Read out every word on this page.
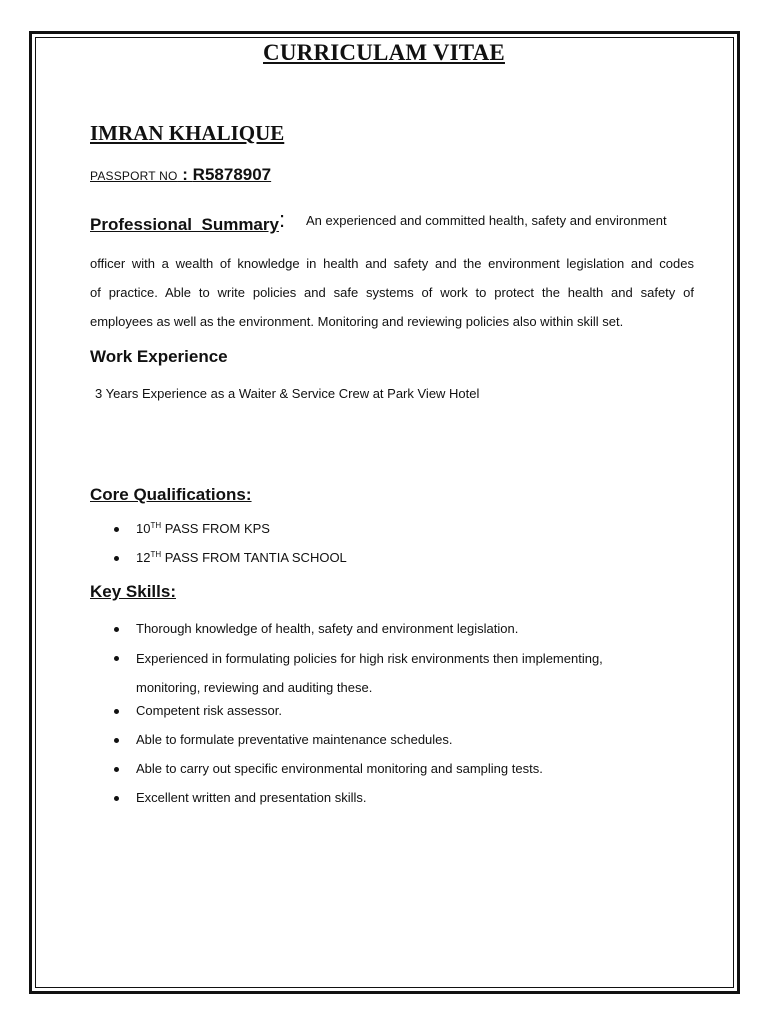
CURRICULAM VITAE
IMRAN KHALIQUE
PASSPORT NO : R5878907
Professional  Summary: An experienced and committed health, safety and environment
officer with a wealth of knowledge in health and safety and the environment legislation and codes
of practice. Able to write policies and safe systems of work to protect the health and safety of
employees as well as the environment. Monitoring and reviewing policies also within skill set.
Work Experience
3 Years Experience as a Waiter & Service Crew at Park View Hotel
Core Qualifications:
10TH PASS FROM KPS
12TH PASS FROM TANTIA SCHOOL
Key Skills:
Thorough knowledge of health, safety and environment legislation.
Experienced in formulating policies for high risk environments then implementing, monitoring, reviewing and auditing these.
Competent risk assessor.
Able to formulate preventative maintenance schedules.
Able to carry out specific environmental monitoring and sampling tests.
Excellent written and presentation skills.
